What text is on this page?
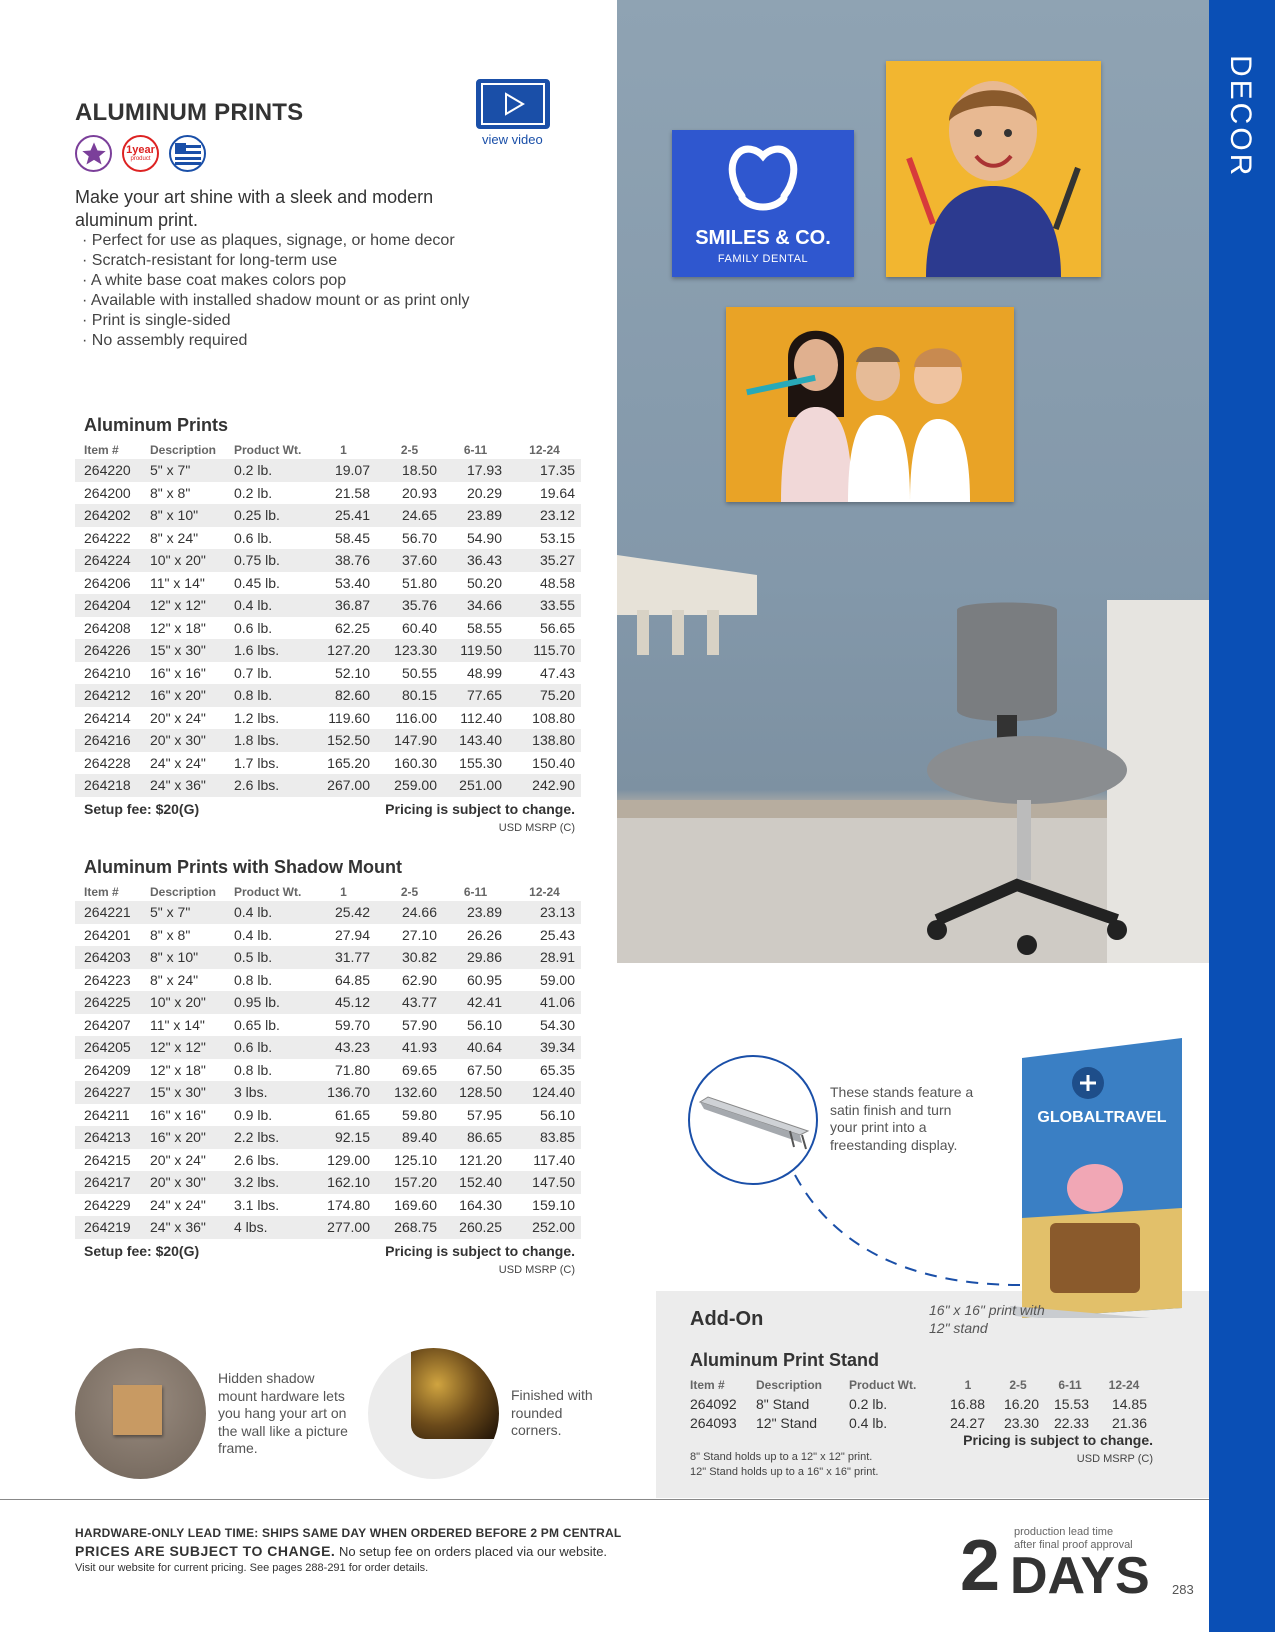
DECOR
SMILES & CO.
FAMILY DENTAL
ALUMINUM PRINTS
1year
product
view video
Make your art shine with a sleek and modern aluminum print.
· Perfect for use as plaques, signage, or home decor
· Scratch-resistant for long-term use
· A white base coat makes colors pop
· Available with installed shadow mount or as print only
· Print is single-sided
· No assembly required
Aluminum Prints
Item #	Description	Product Wt.	1	2-5	6-11	12-24
264220	5" x 7"	0.2 lb.	19.07	18.50	17.93	17.35
264200	8" x 8"	0.2 lb.	21.58	20.93	20.29	19.64
264202	8" x 10"	0.25 lb.	25.41	24.65	23.89	23.12
264222	8" x 24"	0.6 lb.	58.45	56.70	54.90	53.15
264224	10" x 20"	0.75 lb.	38.76	37.60	36.43	35.27
264206	11" x 14"	0.45 lb.	53.40	51.80	50.20	48.58
264204	12" x 12"	0.4 lb.	36.87	35.76	34.66	33.55
264208	12" x 18"	0.6 lb.	62.25	60.40	58.55	56.65
264226	15" x 30"	1.6 lbs.	127.20	123.30	119.50	115.70
264210	16" x 16"	0.7 lb.	52.10	50.55	48.99	47.43
264212	16" x 20"	0.8 lb.	82.60	80.15	77.65	75.20
264214	20" x 24"	1.2 lbs.	119.60	116.00	112.40	108.80
264216	20" x 30"	1.8 lbs.	152.50	147.90	143.40	138.80
264228	24" x 24"	1.7 lbs.	165.20	160.30	155.30	150.40
264218	24" x 36"	2.6 lbs.	267.00	259.00	251.00	242.90
Setup fee: $20(G)	Pricing is subject to change.
USD MSRP (C)
Aluminum Prints with Shadow Mount
Item #	Description	Product Wt.	1	2-5	6-11	12-24
264221	5" x 7"	0.4 lb.	25.42	24.66	23.89	23.13
264201	8" x 8"	0.4 lb.	27.94	27.10	26.26	25.43
264203	8" x 10"	0.5 lb.	31.77	30.82	29.86	28.91
264223	8" x 24"	0.8 lb.	64.85	62.90	60.95	59.00
264225	10" x 20"	0.95 lb.	45.12	43.77	42.41	41.06
264207	11" x 14"	0.65 lb.	59.70	57.90	56.10	54.30
264205	12" x 12"	0.6 lb.	43.23	41.93	40.64	39.34
264209	12" x 18"	0.8 lb.	71.80	69.65	67.50	65.35
264227	15" x 30"	3 lbs.	136.70	132.60	128.50	124.40
264211	16" x 16"	0.9 lb.	61.65	59.80	57.95	56.10
264213	16" x 20"	2.2 lbs.	92.15	89.40	86.65	83.85
264215	20" x 24"	2.6 lbs.	129.00	125.10	121.20	117.40
264217	20" x 30"	3.2 lbs.	162.10	157.20	152.40	147.50
264229	24" x 24"	3.1 lbs.	174.80	169.60	164.30	159.10
264219	24" x 36"	4 lbs.	277.00	268.75	260.25	252.00
Setup fee: $20(G)	Pricing is subject to change.
USD MSRP (C)
Hidden shadow mount hardware lets you hang your art on the wall like a picture frame.
Finished with rounded corners.
These stands feature a satin finish and turn your print into a freestanding display.
GLOBALTRAVEL
16" x 16" print with 12" stand
Add-On
Aluminum Print Stand
Item #	Description	Product Wt.	1	2-5	6-11	12-24
264092	8" Stand	0.2 lb.	16.88	16.20	15.53	14.85
264093	12" Stand	0.4 lb.	24.27	23.30	22.33	21.36
Pricing is subject to change.
USD MSRP (C)
8" Stand holds up to a 12" x 12" print.
12" Stand holds up to a 16" x 16" print.
HARDWARE-ONLY LEAD TIME: SHIPS SAME DAY WHEN ORDERED BEFORE 2 PM CENTRAL
PRICES ARE SUBJECT TO CHANGE. No setup fee on orders placed via our website.
Visit our website for current pricing. See pages 288-291 for order details.
production lead time
after final proof approval
2 DAYS 283
